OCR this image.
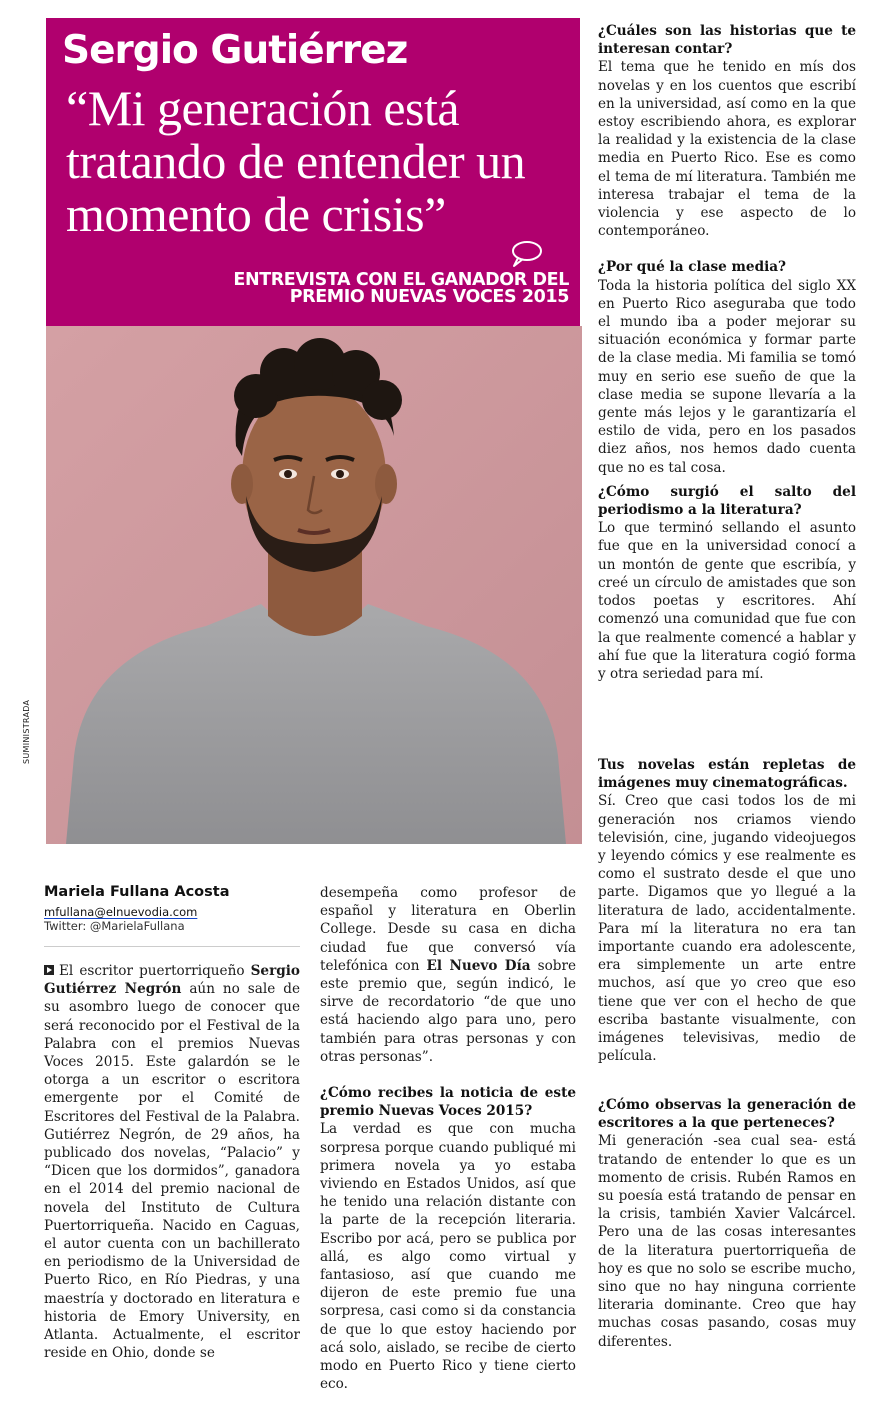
Sergio Gutiérrez
“Mi generación está tratando de entender un momento de crisis”
ENTREVISTA CON EL GANADOR DEL
PREMIO NUEVAS VOCES 2015
SUMINISTRADA
Mariela Fullana Acosta
mfullana@elnuevodia.com
Twitter: @MarielaFullana

El escritor puertorriqueño Sergio Gutiérrez Negrón aún no sale de su asombro luego de conocer que será reconocido por el Festival de la Palabra con el premios Nuevas Voces 2015. Este galardón se le otorga a un escritor o escritora emergente por el Comité de Escritores del Festival de la Palabra. Gutiérrez Negrón, de 29 años, ha publicado dos novelas, “Palacio” y “Dicen que los dormidos”, ganadora en el 2014 del premio nacional de novela del Instituto de Cultura Puertorriqueña. Nacido en Caguas, el autor cuenta con un bachillerato en periodismo de la Universidad de Puerto Rico, en Río Piedras, y una maestría y doctorado en literatura e historia de Emory University, en Atlanta. Actualmente, el escritor reside en Ohio, donde se

desempeña como profesor de español y literatura en Oberlin College. Desde su casa en dicha ciudad fue que conversó vía telefónica con El Nuevo Día sobre este premio que, según indicó, le sirve de recordatorio “de que uno está haciendo algo para uno, pero también para otras personas y con otras personas”.

¿Cómo recibes la noticia de este premio Nuevas Voces 2015?

La verdad es que con mucha sorpresa porque cuando publiqué mi primera novela ya yo estaba viviendo en Estados Unidos, así que he tenido una relación distante con la parte de la recepción literaria. Escribo por acá, pero se publica por allá, es algo como virtual y fantasioso, así que cuando me dijeron de este premio fue una sorpresa, casi como si da constancia de que lo que estoy haciendo por acá solo, aislado, se recibe de cierto modo en Puerto Rico y tiene cierto eco.

¿Cuáles son las historias que te interesan contar?

El tema que he tenido en mís dos novelas y en los cuentos que escribí en la universidad, así como en la que estoy escribiendo ahora, es explorar la realidad y la existencia de la clase media en Puerto Rico. Ese es como el tema de mí literatura. También me interesa trabajar el tema de la violencia y ese aspecto de lo contemporáneo.

¿Por qué la clase media?

Toda la historia política del siglo XX en Puerto Rico aseguraba que todo el mundo iba a poder mejorar su situación económica y formar parte de la clase media. Mi familia se tomó muy en serio ese sueño de que la clase media se supone llevaría a la gente más lejos y le garantizaría el estilo de vida, pero en los pasados diez años, nos hemos dado cuenta que no es tal cosa.

¿Cómo surgió el salto del periodismo a la literatura?

Lo que terminó sellando el asunto fue que en la universidad conocí a un montón de gente que escribía, y creé un círculo de amistades que son todos poetas y escritores. Ahí comenzó una comunidad que fue con la que realmente comencé a hablar y ahí fue que la literatura cogió forma y otra seriedad para mí.

Tus novelas están repletas de imágenes muy cinematográficas.

Sí. Creo que casi todos los de mi generación nos criamos viendo televisión, cine, jugando videojuegos y leyendo cómics y ese realmente es como el sustrato desde el que uno parte. Digamos que yo llegué a la literatura de lado, accidentalmente. Para mí la literatura no era tan importante cuando era adolescente, era simplemente un arte entre muchos, así que yo creo que eso tiene que ver con el hecho de que escriba bastante visualmente, con imágenes televisivas, medio de película.

¿Cómo observas la generación de escritores a la que perteneces?

Mi generación -sea cual sea- está tratando de entender lo que es un momento de crisis. Rubén Ramos en su poesía está tratando de pensar en la crisis, también Xavier Valcárcel. Pero una de las cosas interesantes de la literatura puertorriqueña de hoy es que no solo se escribe mucho, sino que no hay ninguna corriente literaria dominante. Creo que hay muchas cosas pasando, cosas muy diferentes.
